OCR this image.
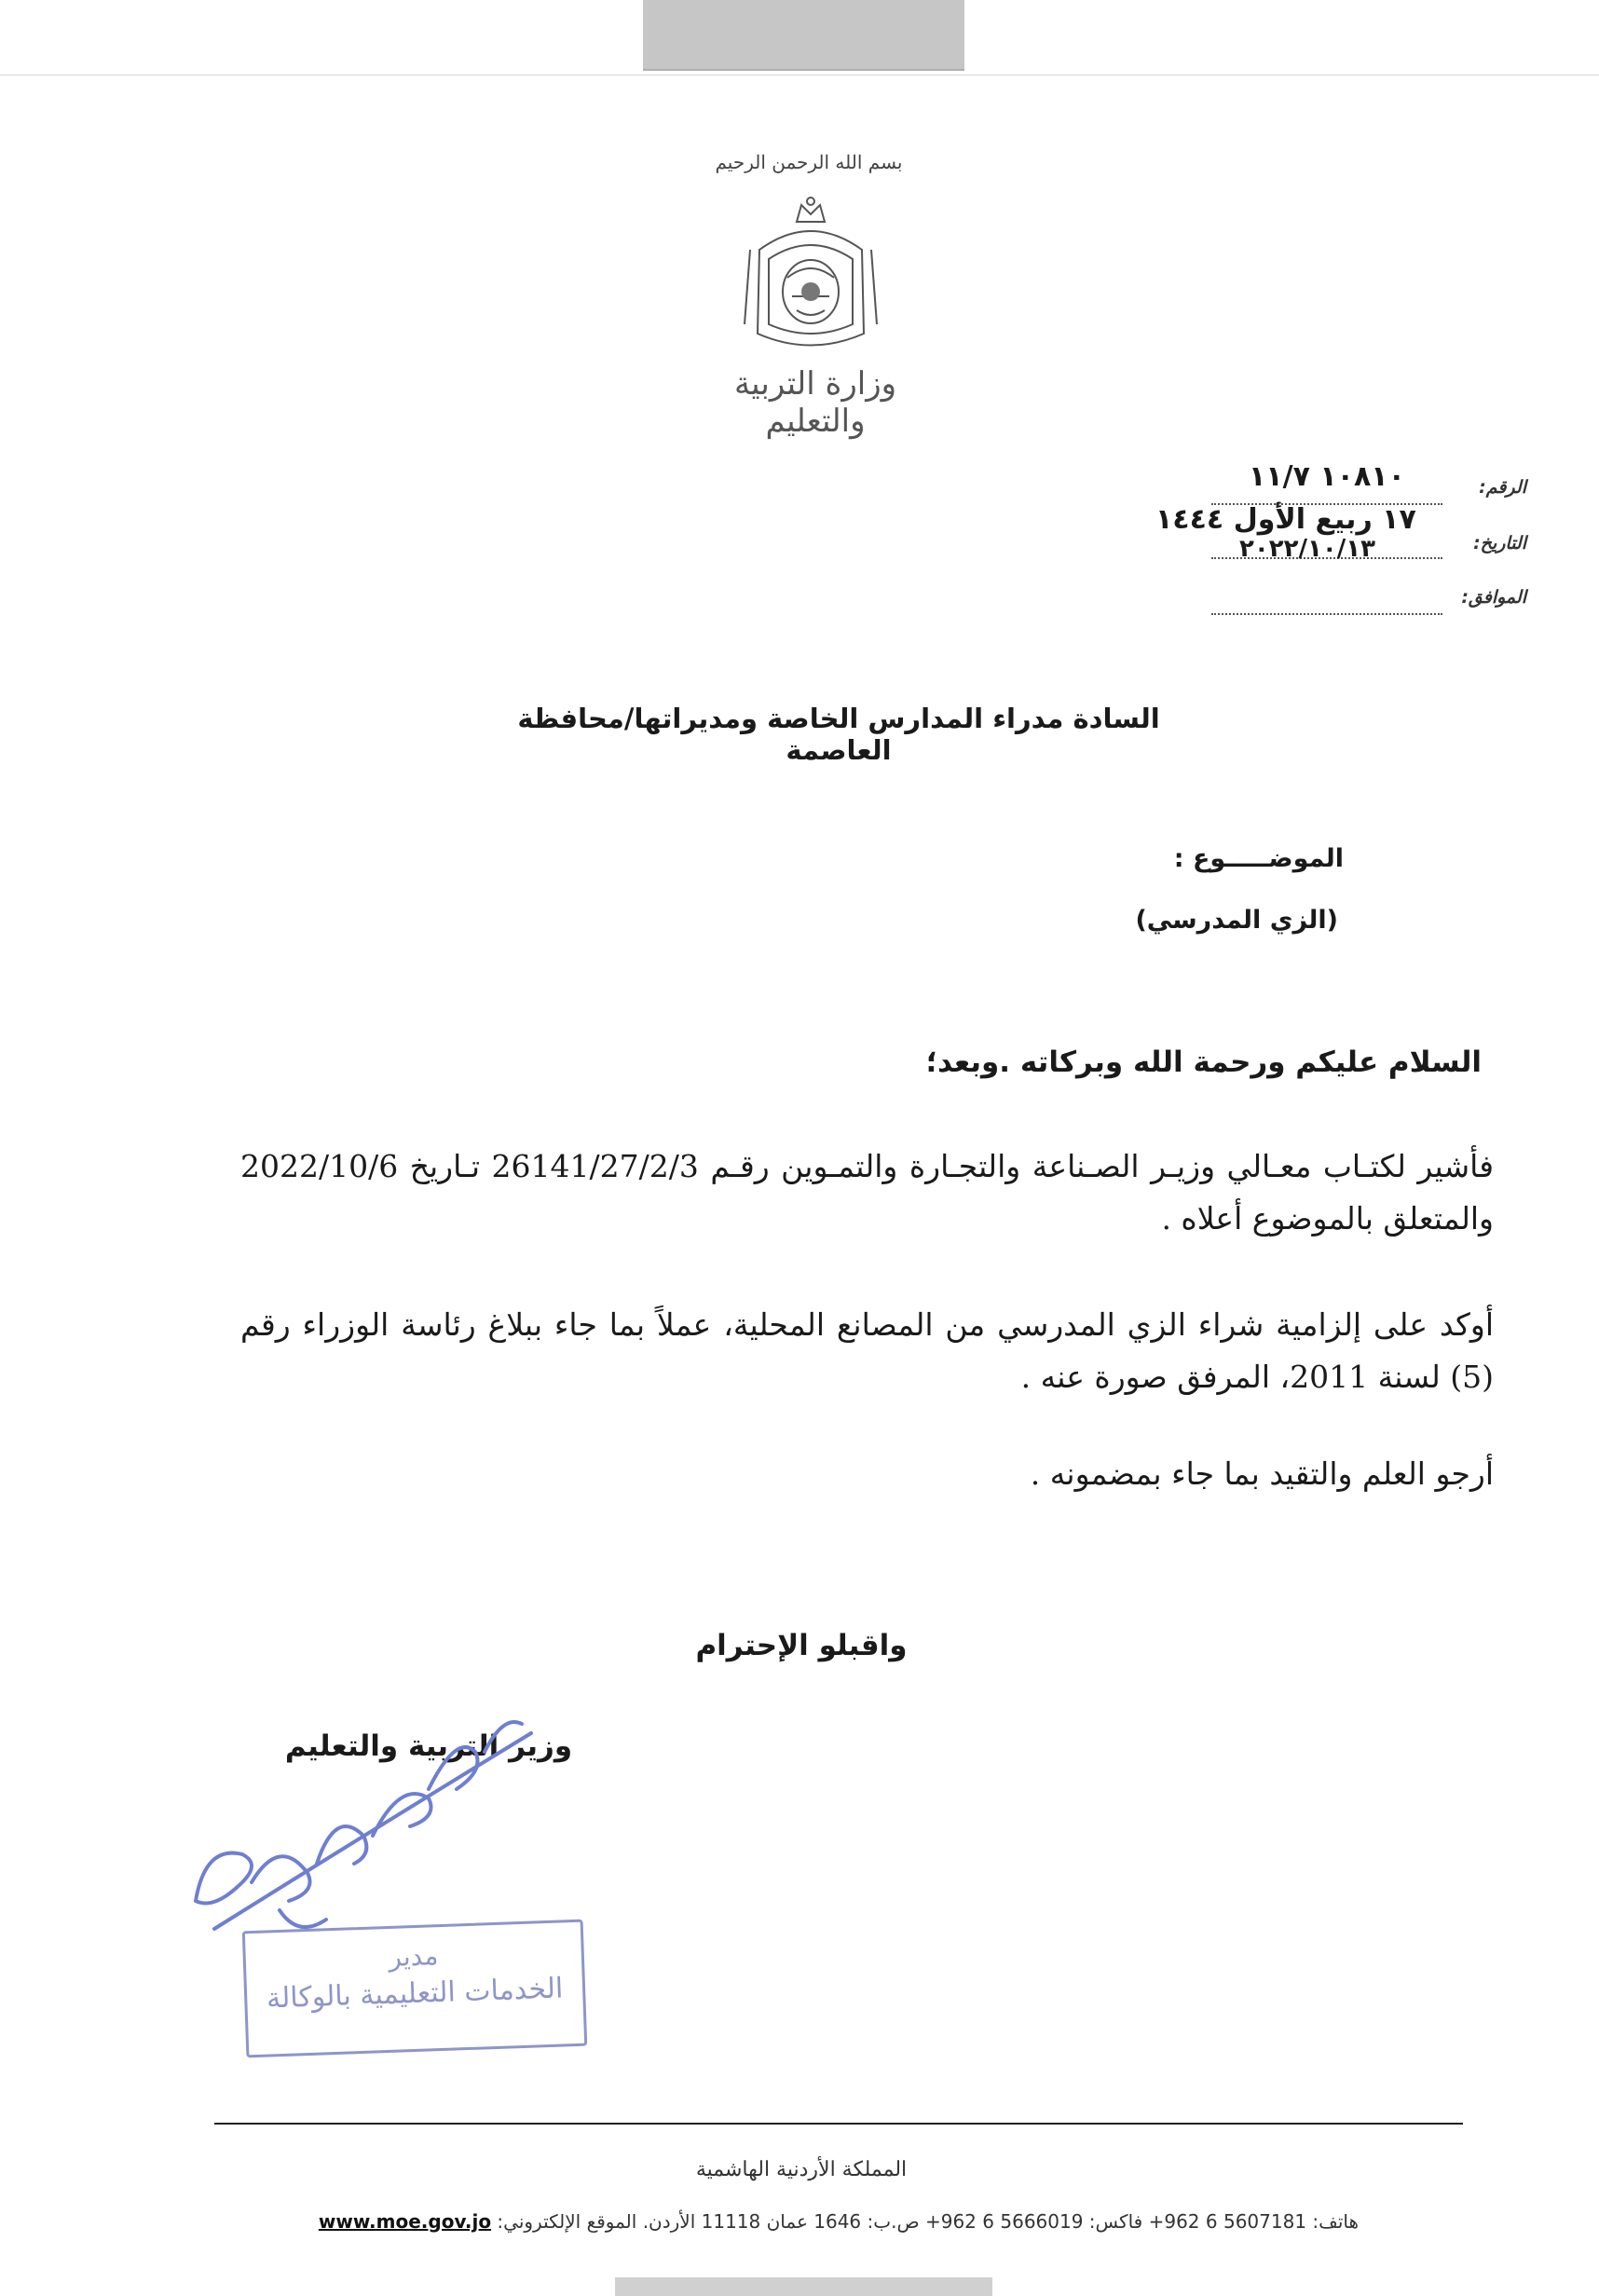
بسم الله الرحمن الرحيم
وزارة التربية والتعليم
الرقم:
١٠٨١٠ ١١/٧
١٧ ربيع الأول ١٤٤٤
التاريخ:
٢٠٢٢/١٠/١٣
الموافق:
السادة مدراء المدارس الخاصة ومديراتها/محافظة العاصمة
الموضـــــوع :
(الزي المدرسي)
السلام عليكم ورحمة الله وبركاته .وبعد؛
فأشير لكتـاب معـالي وزيـر الصـناعة والتجـارة والتمـوين رقـم 26141/27/2/3 تـاريخ 2022/10/6 والمتعلق بالموضوع أعلاه .
أوكد على إلزامية شراء الزي المدرسي من المصانع المحلية، عملاً بما جاء ببلاغ رئاسة الوزراء رقم (5) لسنة 2011، المرفق صورة عنه .
أرجو العلم والتقيد بما جاء بمضمونه .
واقبلو الإحترام
وزير التربية والتعليم
مدير
الخدمات التعليمية بالوكالة
المملكة الأردنية الهاشمية
هاتف: 5607181 6 962+ فاكس: 5666019 6 962+ ص.ب: 1646 عمان 11118 الأردن. الموقع الإلكتروني: www.moe.gov.jo
